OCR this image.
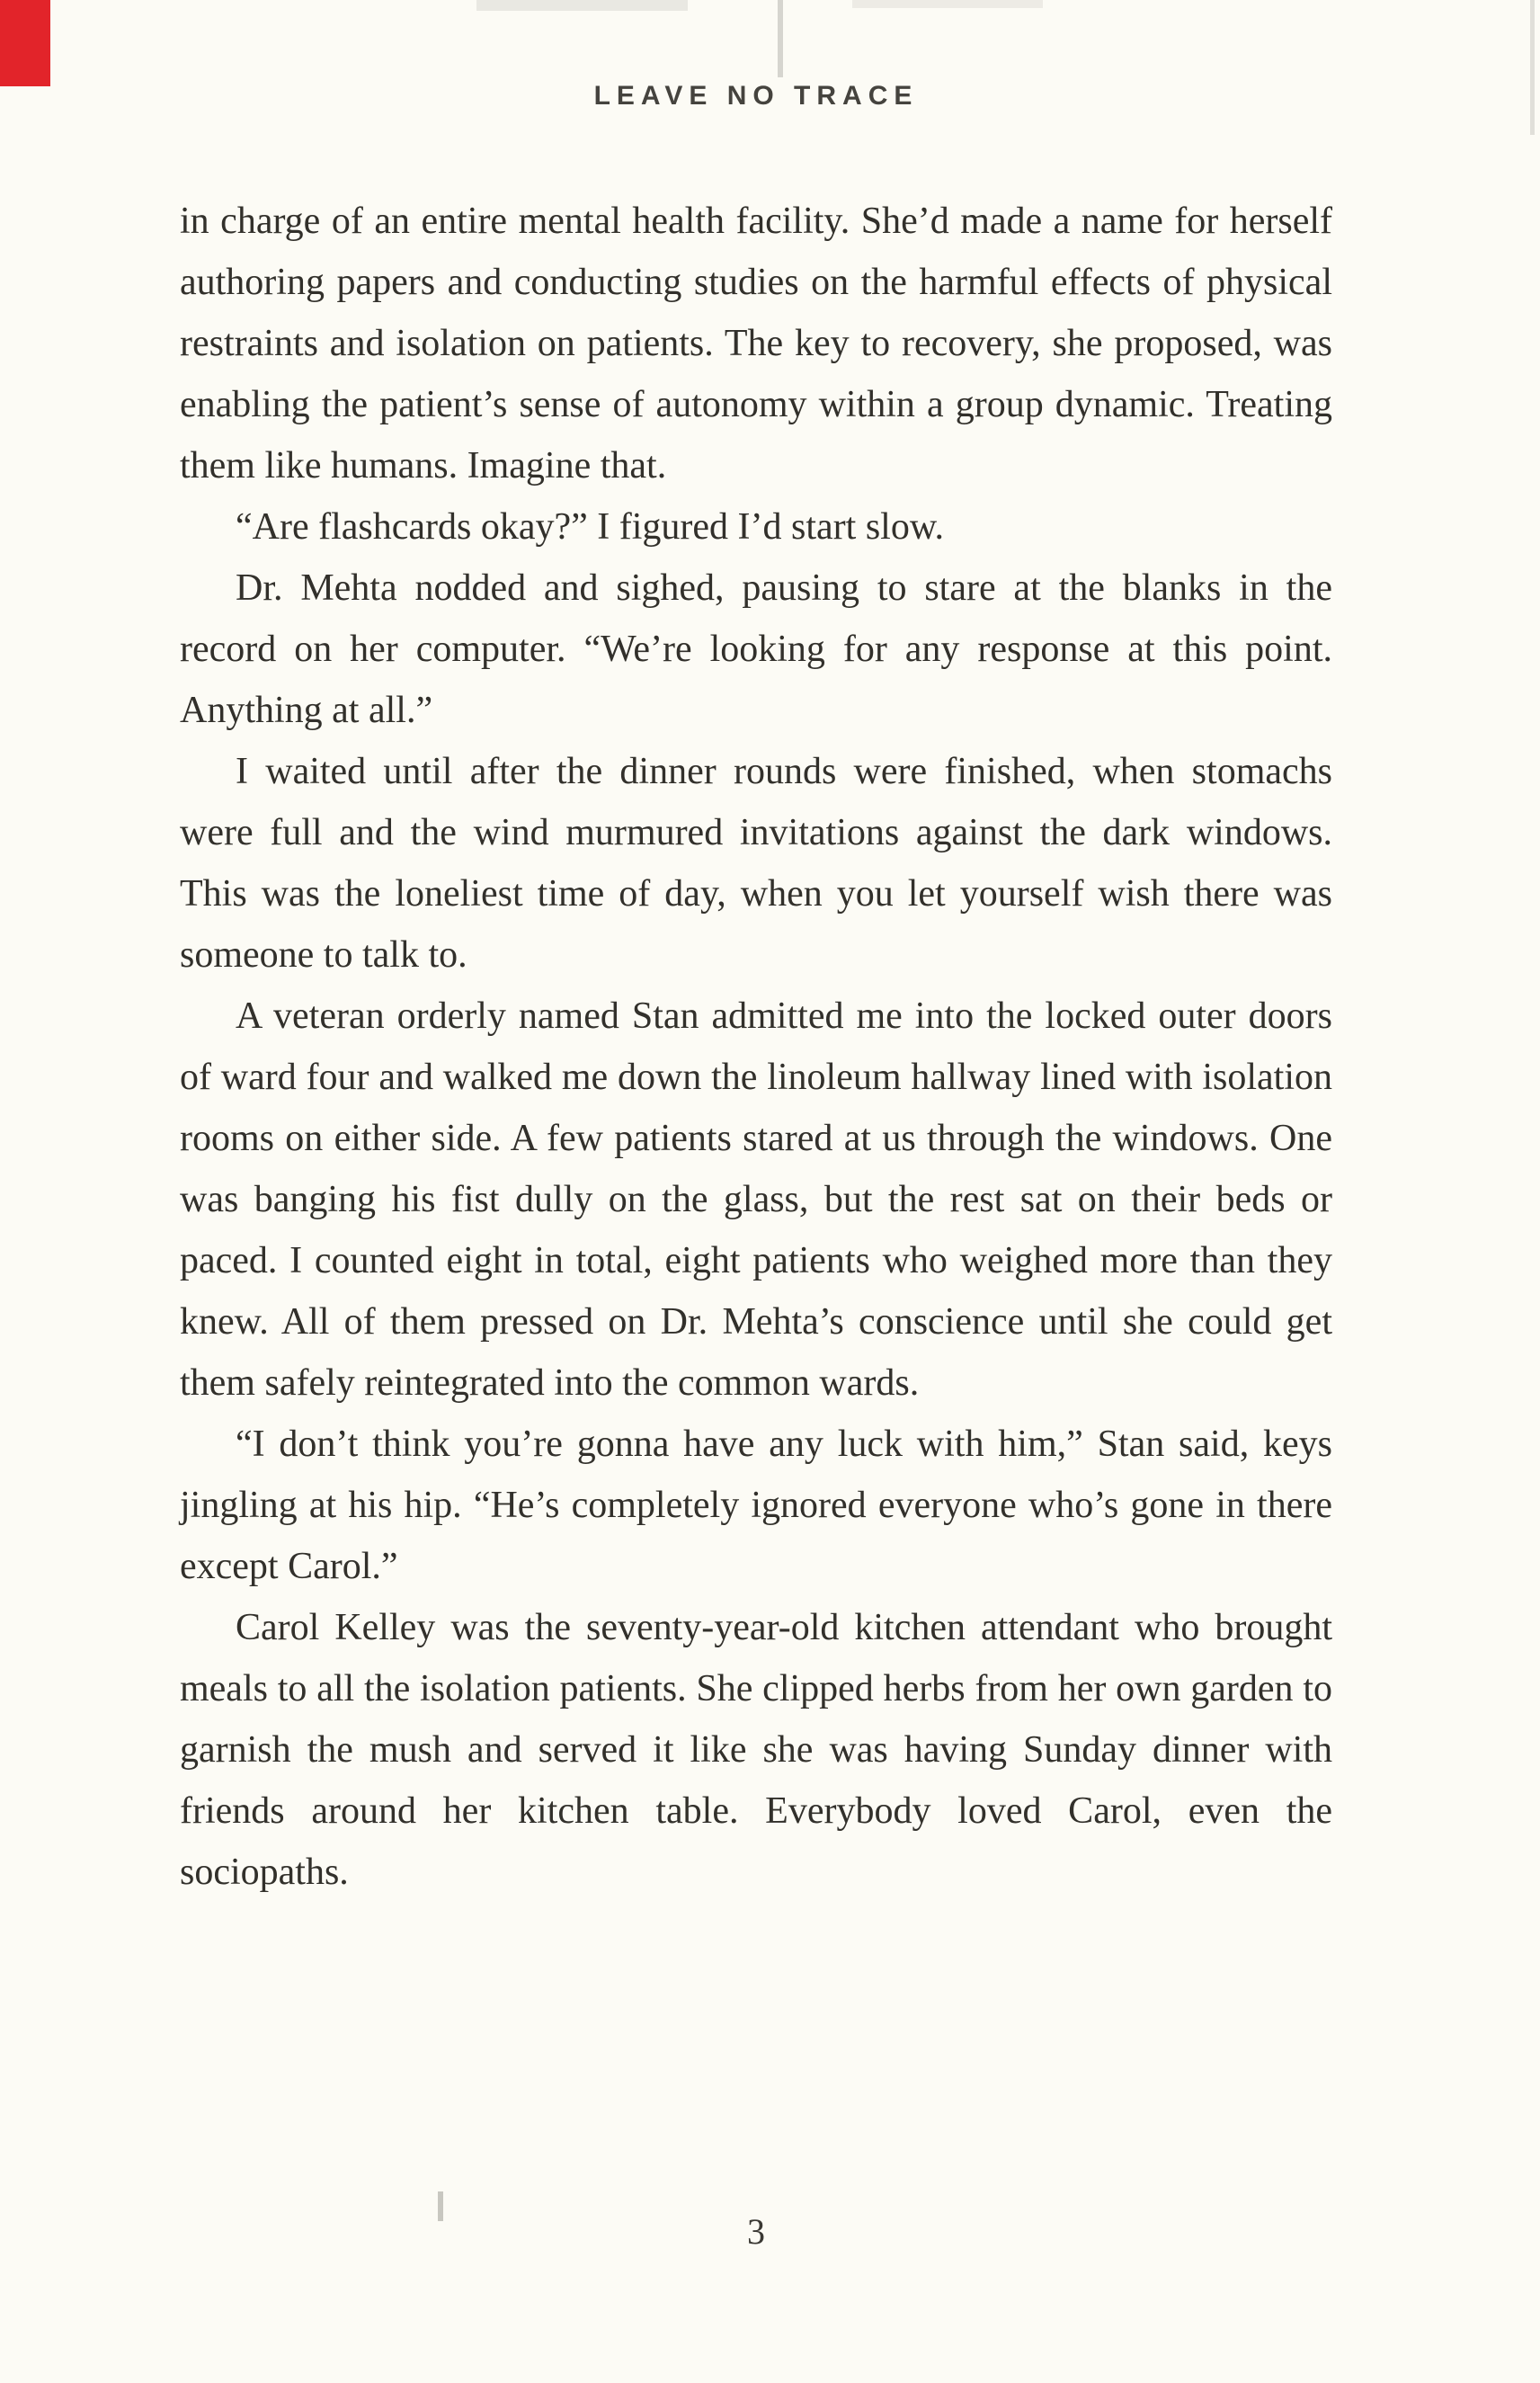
LEAVE NO TRACE

in charge of an entire mental health facility. She’d made a name for herself authoring papers and conducting studies on the harmful effects of physical restraints and isolation on patients. The key to recovery, she proposed, was enabling the patient’s sense of autonomy within a group dynamic. Treating them like humans. Imagine that.

“Are flashcards okay?” I figured I’d start slow.

Dr. Mehta nodded and sighed, pausing to stare at the blanks in the record on her computer. “We’re looking for any response at this point. Anything at all.”

I waited until after the dinner rounds were finished, when stomachs were full and the wind murmured invitations against the dark windows. This was the loneliest time of day, when you let yourself wish there was someone to talk to.

A veteran orderly named Stan admitted me into the locked outer doors of ward four and walked me down the linoleum hallway lined with isolation rooms on either side. A few patients stared at us through the windows. One was banging his fist dully on the glass, but the rest sat on their beds or paced. I counted eight in total, eight patients who weighed more than they knew. All of them pressed on Dr. Mehta’s conscience until she could get them safely reintegrated into the common wards.

“I don’t think you’re gonna have any luck with him,” Stan said, keys jingling at his hip. “He’s completely ignored everyone who’s gone in there except Carol.”

Carol Kelley was the seventy-year-old kitchen attendant who brought meals to all the isolation patients. She clipped herbs from her own garden to garnish the mush and served it like she was having Sunday dinner with friends around her kitchen table. Everybody loved Carol, even the sociopaths.

3
